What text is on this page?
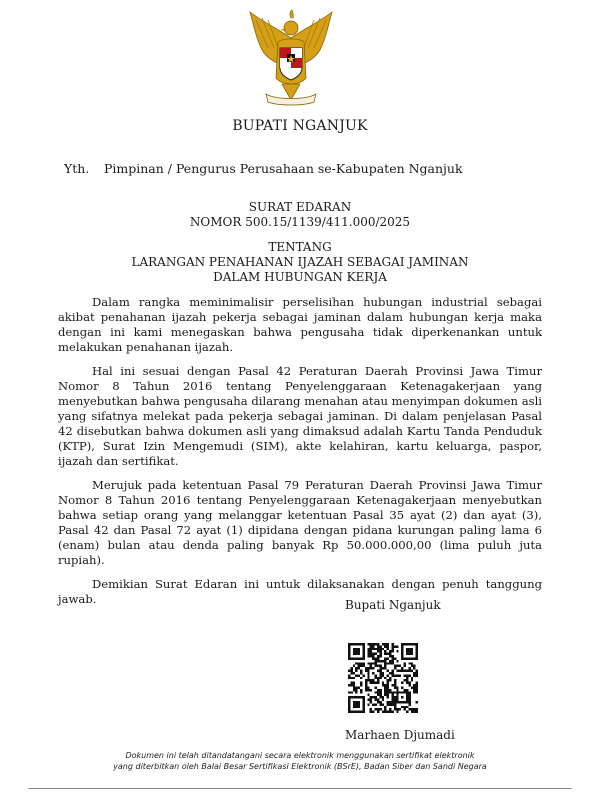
BUPATI NGANJUK
Yth. Pimpinan / Pengurus Perusahaan se-Kabupaten Nganjuk
SURAT EDARAN
NOMOR 500.15/1139/411.000/2025
TENTANG
LARANGAN PENAHANAN IJAZAH SEBAGAI JAMINAN
DALAM HUBUNGAN KERJA

Dalam rangka meminimalisir perselisihan hubungan industrial sebagai akibat penahanan ijazah pekerja sebagai jaminan dalam hubungan kerja maka dengan ini kami menegaskan bahwa pengusaha tidak diperkenankan untuk melakukan penahanan ijazah.

Hal ini sesuai dengan Pasal 42 Peraturan Daerah Provinsi Jawa Timur Nomor 8 Tahun 2016 tentang Penyelenggaraan Ketenagakerjaan yang menyebutkan bahwa pengusaha dilarang menahan atau menyimpan dokumen asli yang sifatnya melekat pada pekerja sebagai jaminan. Di dalam penjelasan Pasal 42 disebutkan bahwa dokumen asli yang dimaksud adalah Kartu Tanda Penduduk (KTP), Surat Izin Mengemudi (SIM), akte kelahiran, kartu keluarga, paspor, ijazah dan sertifikat.

Merujuk pada ketentuan Pasal 79 Peraturan Daerah Provinsi Jawa Timur Nomor 8 Tahun 2016 tentang Penyelenggaraan Ketenagakerjaan menyebutkan bahwa setiap orang yang melanggar ketentuan Pasal 35 ayat (2) dan ayat (3), Pasal 42 dan Pasal 72 ayat (1) dipidana dengan pidana kurungan paling lama 6 (enam) bulan atau denda paling banyak Rp 50.000.000,00 (lima puluh juta rupiah).

Demikian Surat Edaran ini untuk dilaksanakan dengan penuh tanggung jawab.	Bupati Nganjuk
Marhaen Djumadi
Dokumen ini telah ditandatangani secara elektronik menggunakan sertifikat elektronik
yang diterbitkan oleh Balai Besar Sertifikasi Elektronik (BSrE), Badan Siber dan Sandi Negara
